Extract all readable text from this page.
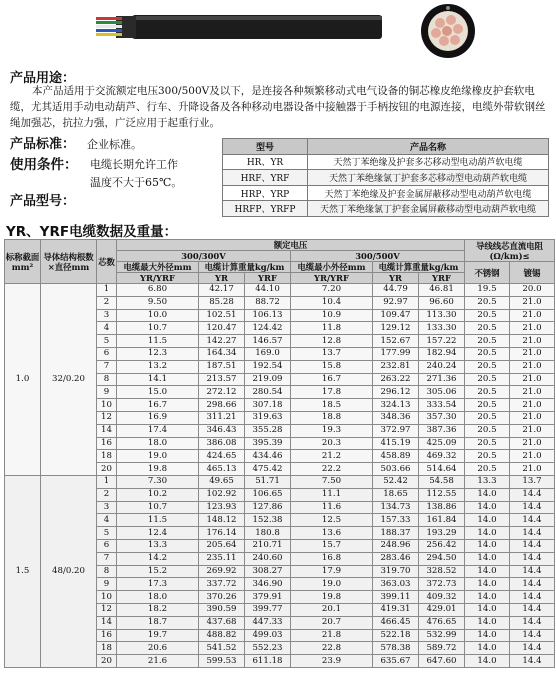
产品用途：
本产品适用于交流额定电压300/500V及以下，是连接各种频繁移动式电气设备的铜芯橡皮绝缘橡皮护套软电缆，尤其适用手动电动葫芦、行车、升降设备及各种移动电器设备中接触器于手柄按钮的电源连接，电缆外带软钢丝绳加强芯，抗拉力强，广泛应用于起重行业。
产品标准： 企业标准。
使用条件： 电缆长期允许工作
温度不大于65℃。
产品型号：
型号	产品名称
HR、YR	天然丁苯绝缘及护套多芯移动型电动葫芦软电缆
HRF、YRF	天然丁苯绝缘氯丁护套多芯移动型电动葫芦软电缆
HRP、YRP	天然丁苯绝缘及护套金属屏蔽移动型电动葫芦软电缆
HRFP、YRFP	天然丁苯绝缘氯丁护套金属屏蔽移动型电动葫芦软电缆
YR、YRF电缆数据及重量：
标称截面mm²	导体结构根数×直径mm	芯数	额定电压						导线线芯直流电阻(Ω/km)≤	
			300/300V			300/500V				
			电缆最大外径mm	电缆计算重量kg/km		电缆最小外径mm	电缆计算重量kg/km		不锈钢	镀锡
			YR/YRF	YR	YRF	YR/YRF	YR	YRF		
1.0	32/0.20	1	6.80	42.17	44.10	7.20	44.79	46.81	19.5	20.0
		2	9.50	85.28	88.72	10.4	92.97	96.60	20.5	21.0
		3	10.0	102.51	106.13	10.9	109.47	113.30	20.5	21.0
		4	10.7	120.47	124.42	11.8	129.12	133.30	20.5	21.0
		5	11.5	142.27	146.57	12.8	152.67	157.22	20.5	21.0
		6	12.3	164.34	169.0	13.7	177.99	182.94	20.5	21.0
		7	13.2	187.51	192.54	15.8	232.81	240.24	20.5	21.0
		8	14.1	213.57	219.09	16.7	263.22	271.36	20.5	21.0
		9	15.0	272.12	280.54	17.8	296.12	305.06	20.5	21.0
		10	16.7	298.66	307.18	18.5	324.13	333.54	20.5	21.0
		12	16.9	311.21	319.63	18.8	348.36	357.30	20.5	21.0
		14	17.4	346.43	355.28	19.3	372.97	387.36	20.5	21.0
		16	18.0	386.08	395.39	20.3	415.19	425.09	20.5	21.0
		18	19.0	424.65	434.46	21.2	458.89	469.32	20.5	21.0
		20	19.8	465.13	475.42	22.2	503.66	514.64	20.5	21.0
1.5	48/0.20	1	7.30	49.65	51.71	7.50	52.42	54.58	13.3	13.7
		2	10.2	102.92	106.65	11.1	18.65	112.55	14.0	14.4
		3	10.7	123.93	127.86	11.6	134.73	138.86	14.0	14.4
		4	11.5	148.12	152.38	12.5	157.33	161.84	14.0	14.4
		5	12.4	176.14	180.8	13.6	188.37	193.29	14.0	14.4
		6	13.3	205.64	210.71	15.7	248.96	256.42	14.0	14.4
		7	14.2	235.11	240.60	16.8	283.46	294.50	14.0	14.4
		8	15.2	269.92	308.27	17.9	319.70	328.52	14.0	14.4
		9	17.3	337.72	346.90	19.0	363.03	372.73	14.0	14.4
		10	18.0	370.26	379.91	19.8	399.11	409.32	14.0	14.4
		12	18.2	390.59	399.77	20.1	419.31	429.01	14.0	14.4
		14	18.7	437.68	447.33	20.7	466.45	476.65	14.0	14.4
		16	19.7	488.82	499.03	21.8	522.18	532.99	14.0	14.4
		18	20.6	541.52	552.23	22.8	578.38	589.72	14.0	14.4
		20	21.6	599.53	611.18	23.9	635.67	647.60	14.0	14.4
